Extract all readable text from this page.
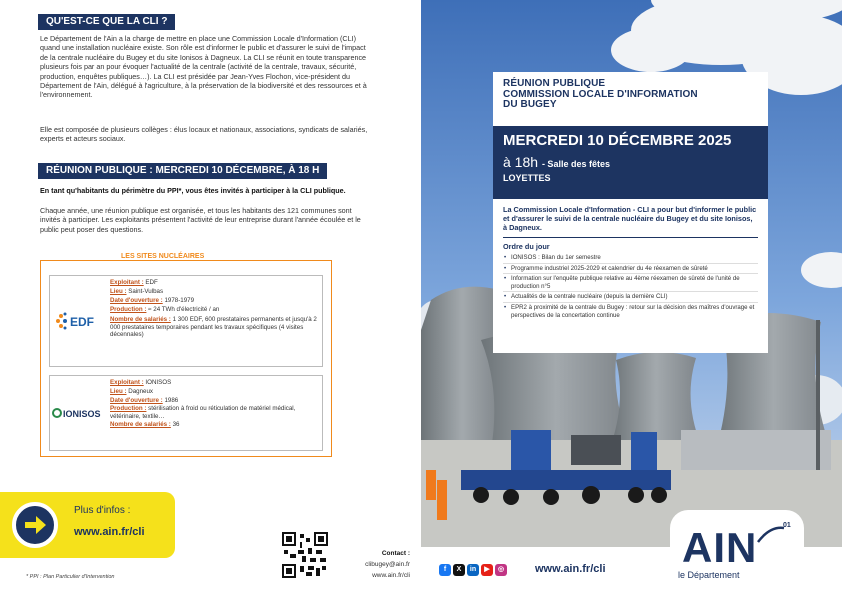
QU'EST-CE QUE LA CLI ?

Le Département de l'Ain a la charge de mettre en place une Commission Locale d'Information (CLI) quand une installation nucléaire existe. Son rôle est d'informer le public et d'assurer le suivi de l'impact de la centrale nucléaire du Bugey et du site Ionisos à Dagneux. La CLI se réunit en toute transparence plusieurs fois par an pour évoquer l'actualité de la centrale (activité de la centrale, travaux, sécurité, production, enquêtes publiques…). La CLI est présidée par Jean-Yves Flochon, vice-président du Département de l'Ain, délégué à l'agriculture, à la préservation de la biodiversité et des ressources et à l'environnement.

Elle est composée de plusieurs collèges : élus locaux et nationaux, associations, syndicats de salariés, experts et acteurs sociaux.

RÉUNION PUBLIQUE : MERCREDI 10 DÉCEMBRE, À 18 H

En tant qu'habitants du périmètre du PPI*, vous êtes invités à participer à la CLI publique.

Chaque année, une réunion publique est organisée, et tous les habitants des 121 communes sont invités à participer. Les exploitants présentent l'activité de leur entreprise durant l'année écoulée et le public peut poser des questions.

LES SITES NUCLÉAIRES
EDF
Exploitant : EDF
Lieu : Saint-Vulbas
Date d'ouverture : 1978-1979
Production : ≈ 24 TWh d'électricité / an
Nombre de salariés : 1 300 EDF, 600 prestataires permanents et jusqu'à 2 000 prestataires temporaires pendant les travaux spécifiques (4 visites décennales)
IONISOS
Exploitant : IONISOS
Lieu : Dagneux
Date d'ouverture : 1986
Production : stérilisation à froid ou réticulation de matériel médical, vétérinaire, textile…
Nombre de salariés : 36
Plus d'infos :
www.ain.fr/cli
* PPI : Plan Particulier d'Intervention
Contact :
clibugey@ain.fr
www.ain.fr/cli
RÉUNION PUBLIQUE
COMMISSION LOCALE D'INFORMATION
DU BUGEY
MERCREDI 10 DÉCEMBRE 2025
à 18h - Salle des fêtes
LOYETTES
La Commission Locale d'Information - CLI a pour but d'informer le public et d'assurer le suivi de la centrale nucléaire du Bugey et du site Ionisos, à Dagneux.
Ordre du jour
• IONISOS : Bilan du 1er semestre
• Programme industriel 2025-2029 et calendrier du 4e réexamen de sûreté
• Information sur l'enquête publique relative au 4ème réexamen de sûreté de l'unité de production n°5
• Actualités de la centrale nucléaire (depuis la dernière CLI)
• EPR2 à proximité de la centrale du Bugey : retour sur la décision des maîtres d'ouvrage et perspectives de la concertation continue
f	X	in	▶	◎	www.ain.fr/cli AIN	01
le Département
